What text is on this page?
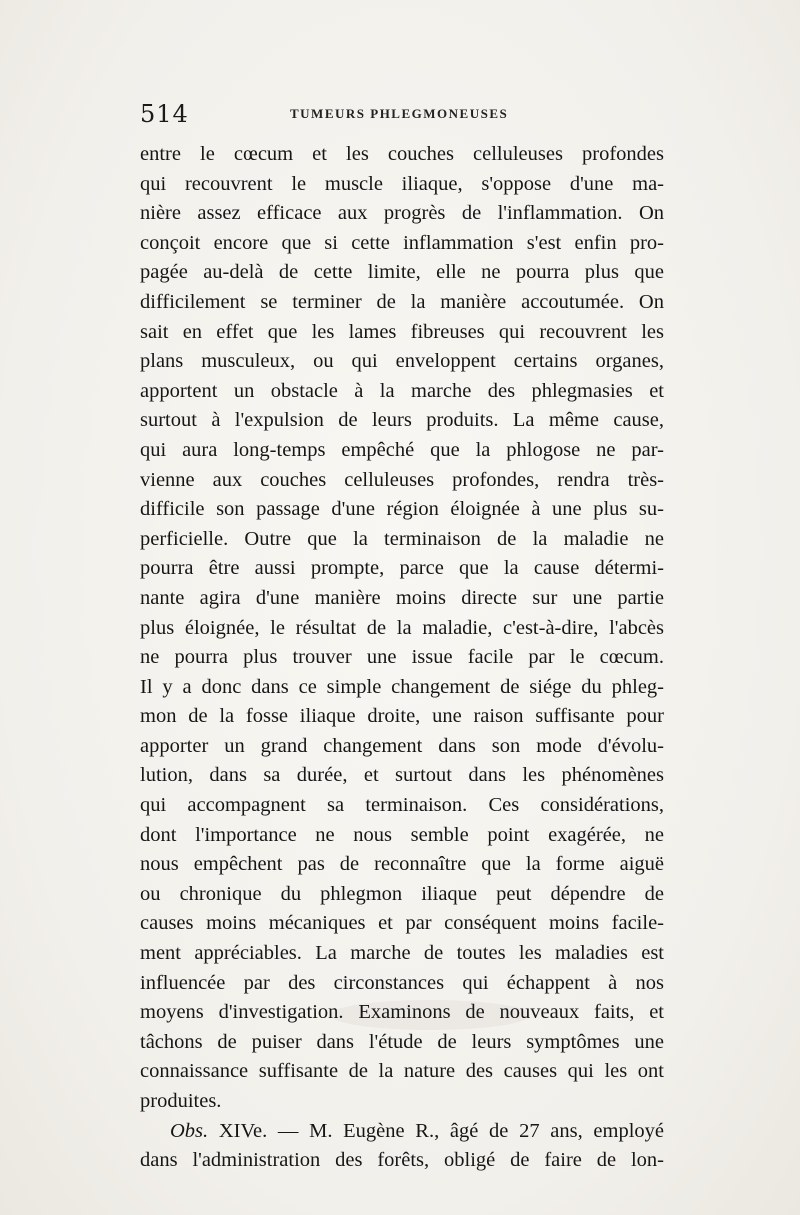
514	TUMEURS PHLEGMONEUSES
entre le cœcum et les couches celluleuses profondes
qui recouvrent le muscle iliaque, s'oppose d'une ma-
nière assez efficace aux progrès de l'inflammation. On
conçoit encore que si cette inflammation s'est enfin pro-
pagée au-delà de cette limite, elle ne pourra plus que
difficilement se terminer de la manière accoutumée. On
sait en effet que les lames fibreuses qui recouvrent les
plans musculeux, ou qui enveloppent certains organes,
apportent un obstacle à la marche des phlegmasies et
surtout à l'expulsion de leurs produits. La même cause,
qui aura long-temps empêché que la phlogose ne par-
vienne aux couches celluleuses profondes, rendra très-
difficile son passage d'une région éloignée à une plus su-
perficielle. Outre que la terminaison de la maladie ne
pourra être aussi prompte, parce que la cause détermi-
nante agira d'une manière moins directe sur une partie
plus éloignée, le résultat de la maladie, c'est-à-dire, l'abcès
ne pourra plus trouver une issue facile par le cœcum.
Il y a donc dans ce simple changement de siége du phleg-
mon de la fosse iliaque droite, une raison suffisante pour
apporter un grand changement dans son mode d'évolu-
lution, dans sa durée, et surtout dans les phénomènes
qui accompagnent sa terminaison. Ces considérations,
dont l'importance ne nous semble point exagérée, ne
nous empêchent pas de reconnaître que la forme aiguë
ou chronique du phlegmon iliaque peut dépendre de
causes moins mécaniques et par conséquent moins facile-
ment appréciables. La marche de toutes les maladies est
influencée par des circonstances qui échappent à nos
moyens d'investigation. Examinons de nouveaux faits, et
tâchons de puiser dans l'étude de leurs symptômes une
connaissance suffisante de la nature des causes qui les ont
produites.
Obs. XIVe. — M. Eugène R., âgé de 27 ans, employé
dans l'administration des forêts, obligé de faire de lon-
